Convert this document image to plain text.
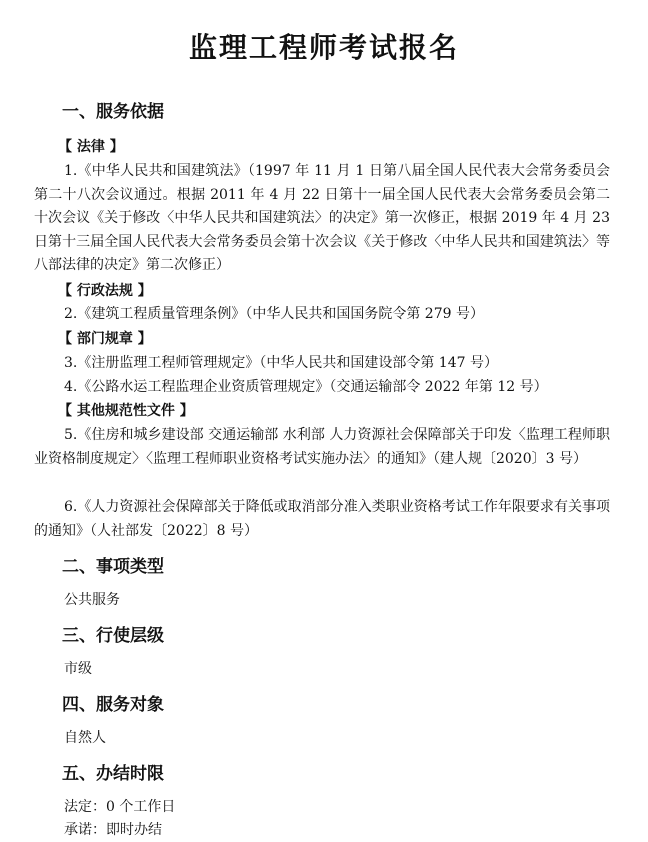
监理工程师考试报名
一、服务依据
【 法律 】
1.《中华人民共和国建筑法》（1997 年 11 月 1 日第八届全国人民代表大会常务委员会第二十八次会议通过。根据 2011 年 4 月 22 日第十一届全国人民代表大会常务委员会第二十次会议《关于修改〈中华人民共和国建筑法〉的决定》第一次修正，根据 2019 年 4 月 23 日第十三届全国人民代表大会常务委员会第十次会议《关于修改〈中华人民共和国建筑法〉等八部法律的决定》第二次修正）
【 行政法规 】
2.《建筑工程质量管理条例》（中华人民共和国国务院令第 279 号）
【 部门规章 】
3.《注册监理工程师管理规定》（中华人民共和国建设部令第 147 号）
4.《公路水运工程监理企业资质管理规定》（交通运输部令 2022 年第 12 号）
【 其他规范性文件 】
5.《住房和城乡建设部 交通运输部 水利部 人力资源社会保障部关于印发〈监理工程师职业资格制度规定〉〈监理工程师职业资格考试实施办法〉的通知》（建人规〔2020〕3 号）
6.《人力资源社会保障部关于降低或取消部分准入类职业资格考试工作年限要求有关事项的通知》（人社部发〔2022〕8 号）
二、事项类型
公共服务
三、行使层级
市级
四、服务对象
自然人
五、办结时限
法定：0 个工作日
承诺：即时办结
